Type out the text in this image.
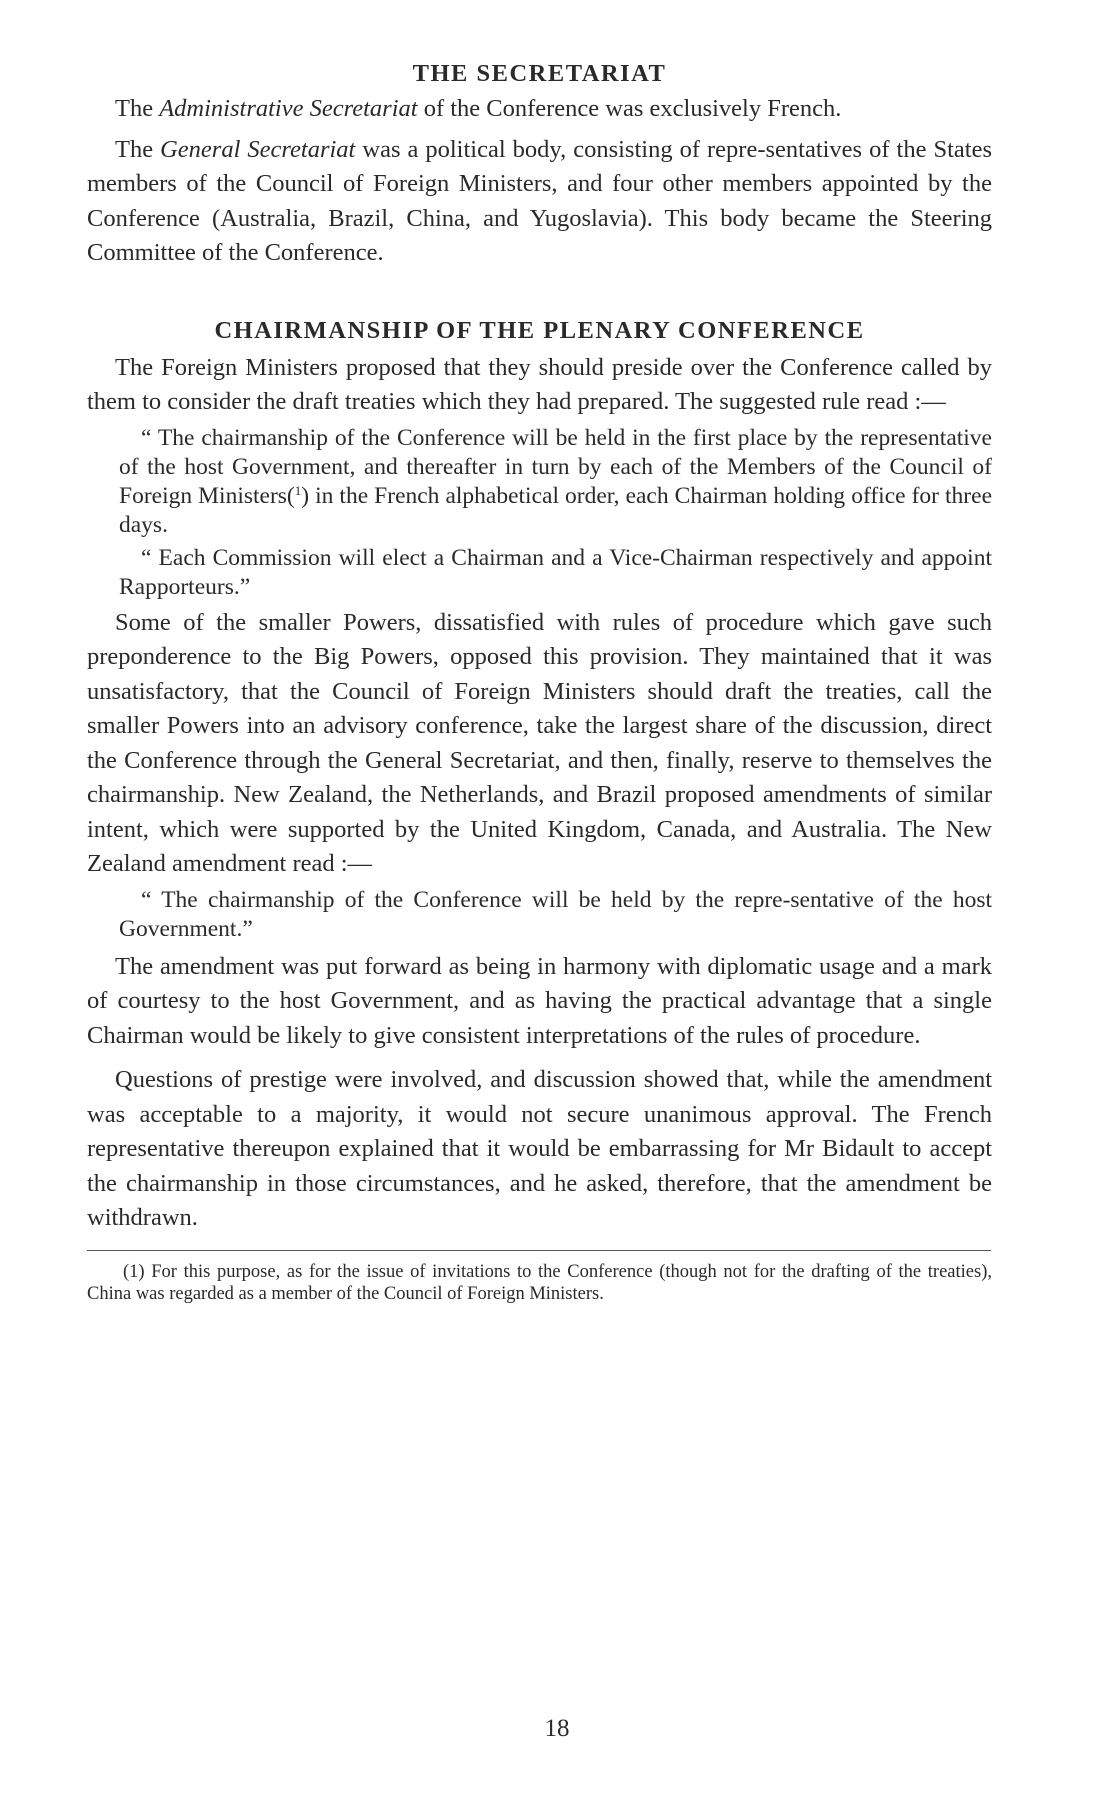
THE SECRETARIAT

The Administrative Secretariat of the Conference was exclusively French.

The General Secretariat was a political body, consisting of repre-sentatives of the States members of the Council of Foreign Ministers, and four other members appointed by the Conference (Australia, Brazil, China, and Yugoslavia). This body became the Steering Committee of the Conference.

CHAIRMANSHIP OF THE PLENARY CONFERENCE

The Foreign Ministers proposed that they should preside over the Conference called by them to consider the draft treaties which they had prepared. The suggested rule read :—

“ The chairmanship of the Conference will be held in the first place by the representative of the host Government, and thereafter in turn by each of the Members of the Council of Foreign Ministers($^1$) in the French alphabetical order, each Chairman holding office for three days.

“ Each Commission will elect a Chairman and a Vice-Chairman respectively and appoint Rapporteurs.”

Some of the smaller Powers, dissatisfied with rules of procedure which gave such preponderence to the Big Powers, opposed this provision. They maintained that it was unsatisfactory, that the Council of Foreign Ministers should draft the treaties, call the smaller Powers into an advisory conference, take the largest share of the discussion, direct the Conference through the General Secretariat, and then, finally, reserve to themselves the chairmanship. New Zealand, the Netherlands, and Brazil proposed amendments of similar intent, which were supported by the United Kingdom, Canada, and Australia. The New Zealand amendment read :—

“ The chairmanship of the Conference will be held by the repre-sentative of the host Government.”

The amendment was put forward as being in harmony with diplomatic usage and a mark of courtesy to the host Government, and as having the practical advantage that a single Chairman would be likely to give consistent interpretations of the rules of procedure.

Questions of prestige were involved, and discussion showed that, while the amendment was acceptable to a majority, it would not secure unanimous approval. The French representative thereupon explained that it would be embarrassing for Mr Bidault to accept the chairmanship in those circumstances, and he asked, therefore, that the amendment be withdrawn.

(1) For this purpose, as for the issue of invitations to the Conference (though not for the drafting of the treaties), China was regarded as a member of the Council of Foreign Ministers.

18
